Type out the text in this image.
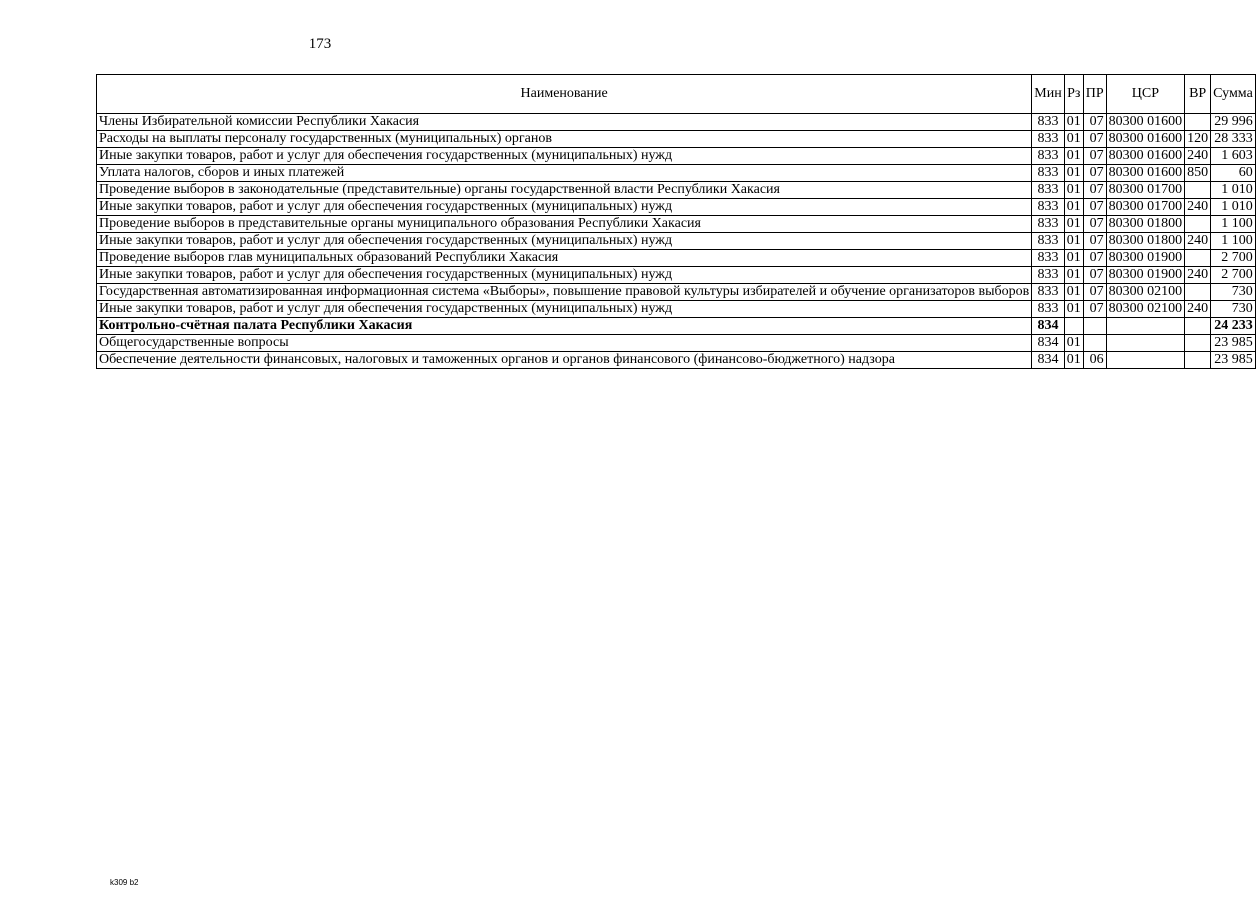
173
Наименование	Мин	Рз	ПР	ЦСР	ВР	Сумма
Члены Избирательной комиссии Республики Хакасия	833	01	07	80300 01600		29 996
Расходы на выплаты персоналу государственных (муниципальных) органов	833	01	07	80300 01600	120	28 333
Иные закупки товаров, работ и услуг для обеспечения государственных (муниципальных) нужд	833	01	07	80300 01600	240	1 603
Уплата налогов, сборов и иных платежей	833	01	07	80300 01600	850	60
Проведение выборов в законодательные (представительные) органы государственной власти Республики Хакасия	833	01	07	80300 01700		1 010
Иные закупки товаров, работ и услуг для обеспечения государственных (муниципальных) нужд	833	01	07	80300 01700	240	1 010
Проведение выборов в представительные органы муниципального образования Республики Хакасия	833	01	07	80300 01800		1 100
Иные закупки товаров, работ и услуг для обеспечения государственных (муниципальных) нужд	833	01	07	80300 01800	240	1 100
Проведение выборов глав муниципальных образований Республики Хакасия	833	01	07	80300 01900		2 700
Иные закупки товаров, работ и услуг для обеспечения государственных (муниципальных) нужд	833	01	07	80300 01900	240	2 700
Государственная автоматизированная информационная система «Выборы», повышение правовой культуры избирателей и обучение организаторов выборов	833	01	07	80300 02100		730
Иные закупки товаров, работ и услуг для обеспечения государственных (муниципальных) нужд	833	01	07	80300 02100	240	730
Контрольно-счётная палата Республики Хакасия	834					24 233
Общегосударственные вопросы	834	01				23 985
Обеспечение деятельности финансовых, налоговых и таможенных органов и органов финансового (финансово-бюджетного) надзора	834	01	06			23 985
k309 b2
